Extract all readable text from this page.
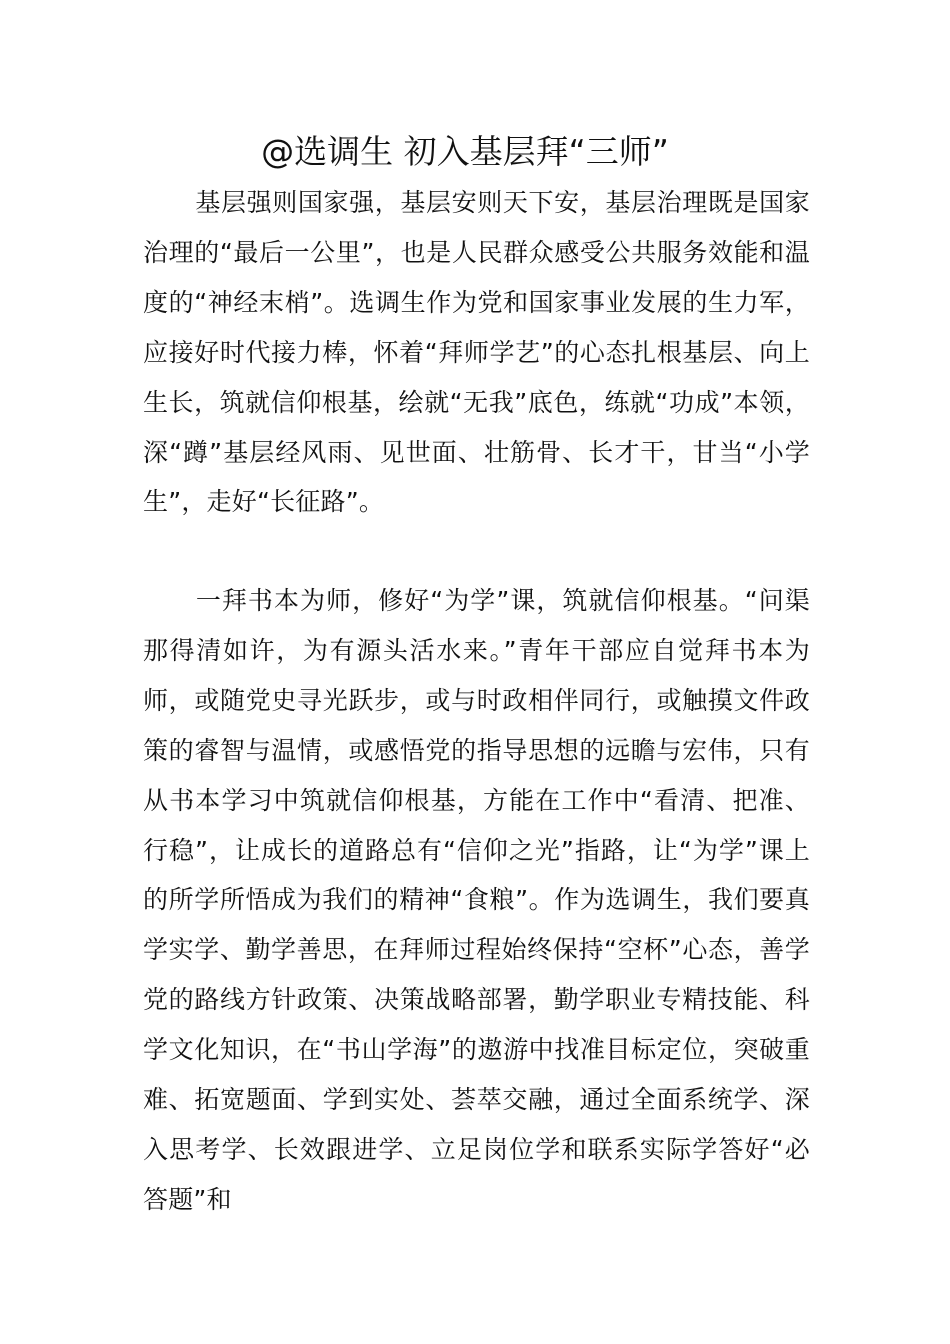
@选调生 初入基层拜“三师”

基层强则国家强，基层安则天下安，基层治理既是国家治理的“最后一公里”，也是人民群众感受公共服务效能和温度的“神经末梢”。选调生作为党和国家事业发展的生力军，应接好时代接力棒，怀着“拜师学艺”的心态扎根基层、向上生长，筑就信仰根基，绘就“无我”底色，练就“功成”本领，深“蹲”基层经风雨、见世面、壮筋骨、长才干，甘当“小学生”，走好“长征路”。

一拜书本为师，修好“为学”课，筑就信仰根基。“问渠那得清如许，为有源头活水来。”青年干部应自觉拜书本为师，或随党史寻光跃步，或与时政相伴同行，或触摸文件政策的睿智与温情，或感悟党的指导思想的远瞻与宏伟，只有从书本学习中筑就信仰根基，方能在工作中“看清、把准、行稳”，让成长的道路总有“信仰之光”指路，让“为学”课上的所学所悟成为我们的精神“食粮”。作为选调生，我们要真学实学、勤学善思，在拜师过程始终保持“空杯”心态，善学党的路线方针政策、决策战略部署，勤学职业专精技能、科学文化知识，在“书山学海”的遨游中找准目标定位，突破重难、拓宽题面、学到实处、荟萃交融，通过全面系统学、深入思考学、长效跟进学、立足岗位学和联系实际学答好“必答题”和
